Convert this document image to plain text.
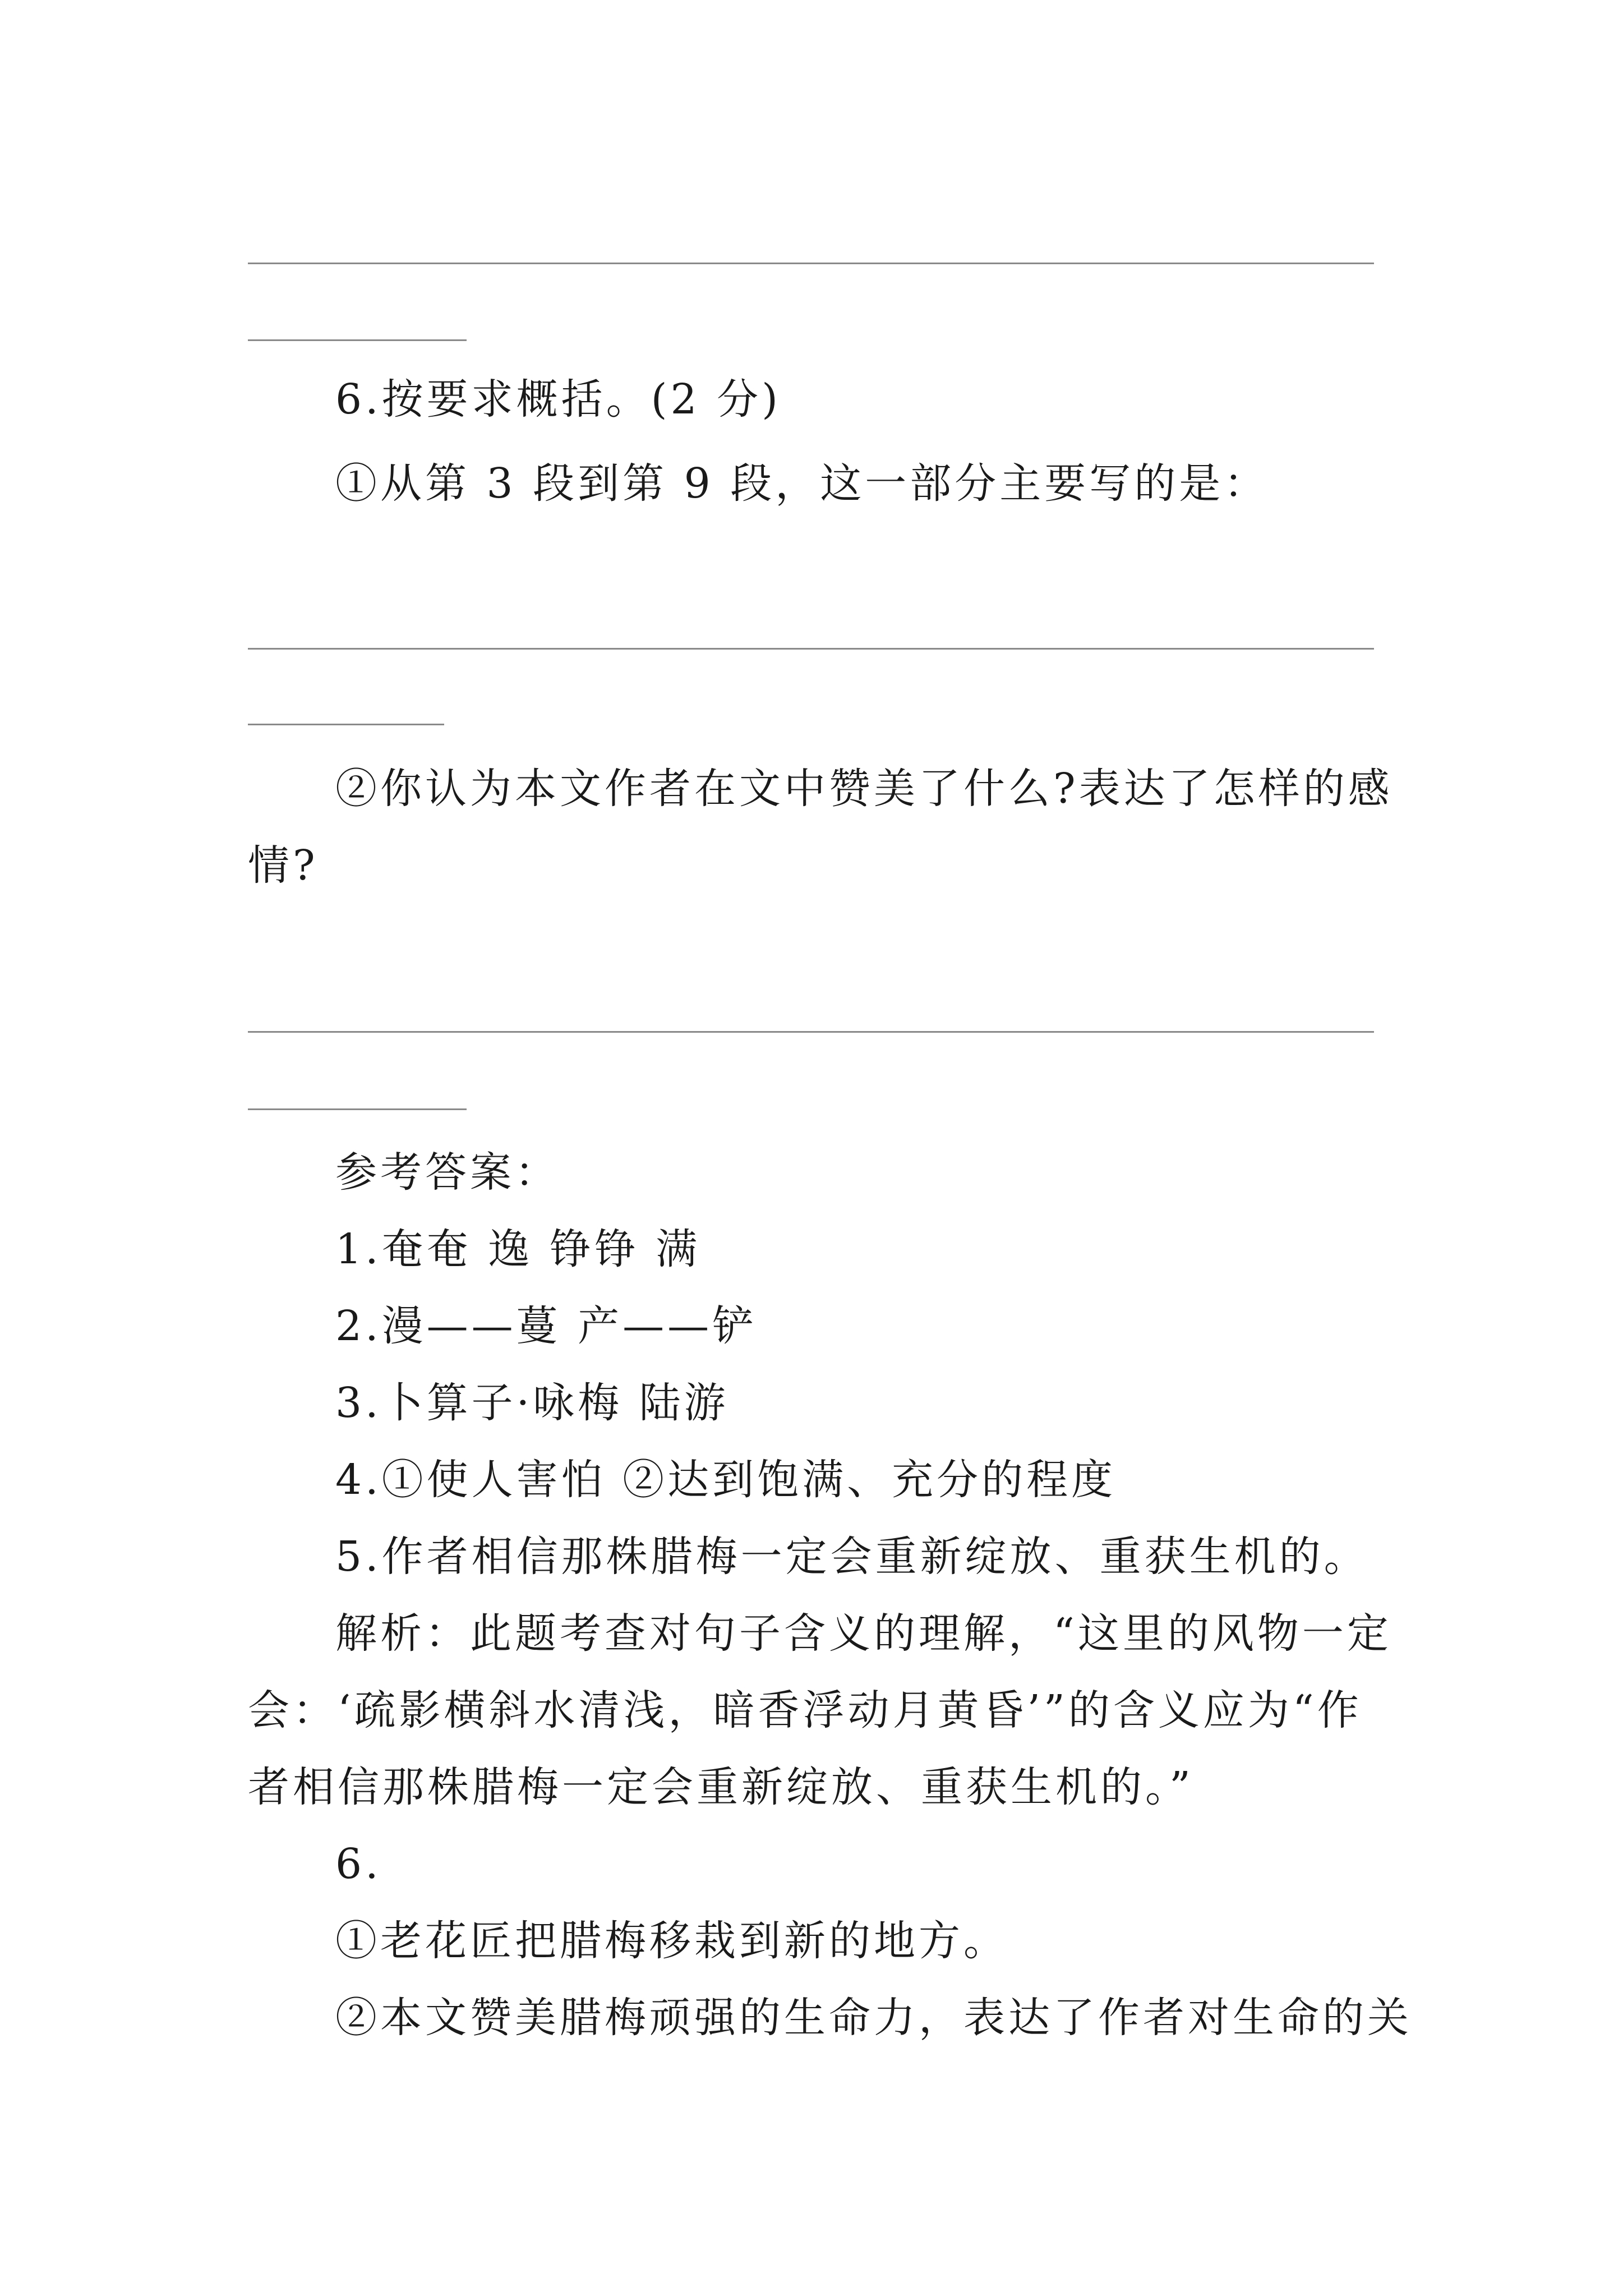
6.按要求概括。(2 分)
①从第 3 段到第 9 段，这一部分主要写的是：
②你认为本文作者在文中赞美了什么?表达了怎样的感
情?
参考答案：
1.奄奄 逸 铮铮 满
2.漫——蔓 产——铲
3.卜算子·咏梅 陆游
4.①使人害怕 ②达到饱满、充分的程度
5.作者相信那株腊梅一定会重新绽放、重获生机的。
解析：此题考查对句子含义的理解，“这里的风物一定
会：‘疏影横斜水清浅，暗香浮动月黄昏’”的含义应为“作
者相信那株腊梅一定会重新绽放、重获生机的。”
6.
①老花匠把腊梅移栽到新的地方。
②本文赞美腊梅顽强的生命力，表达了作者对生命的关
